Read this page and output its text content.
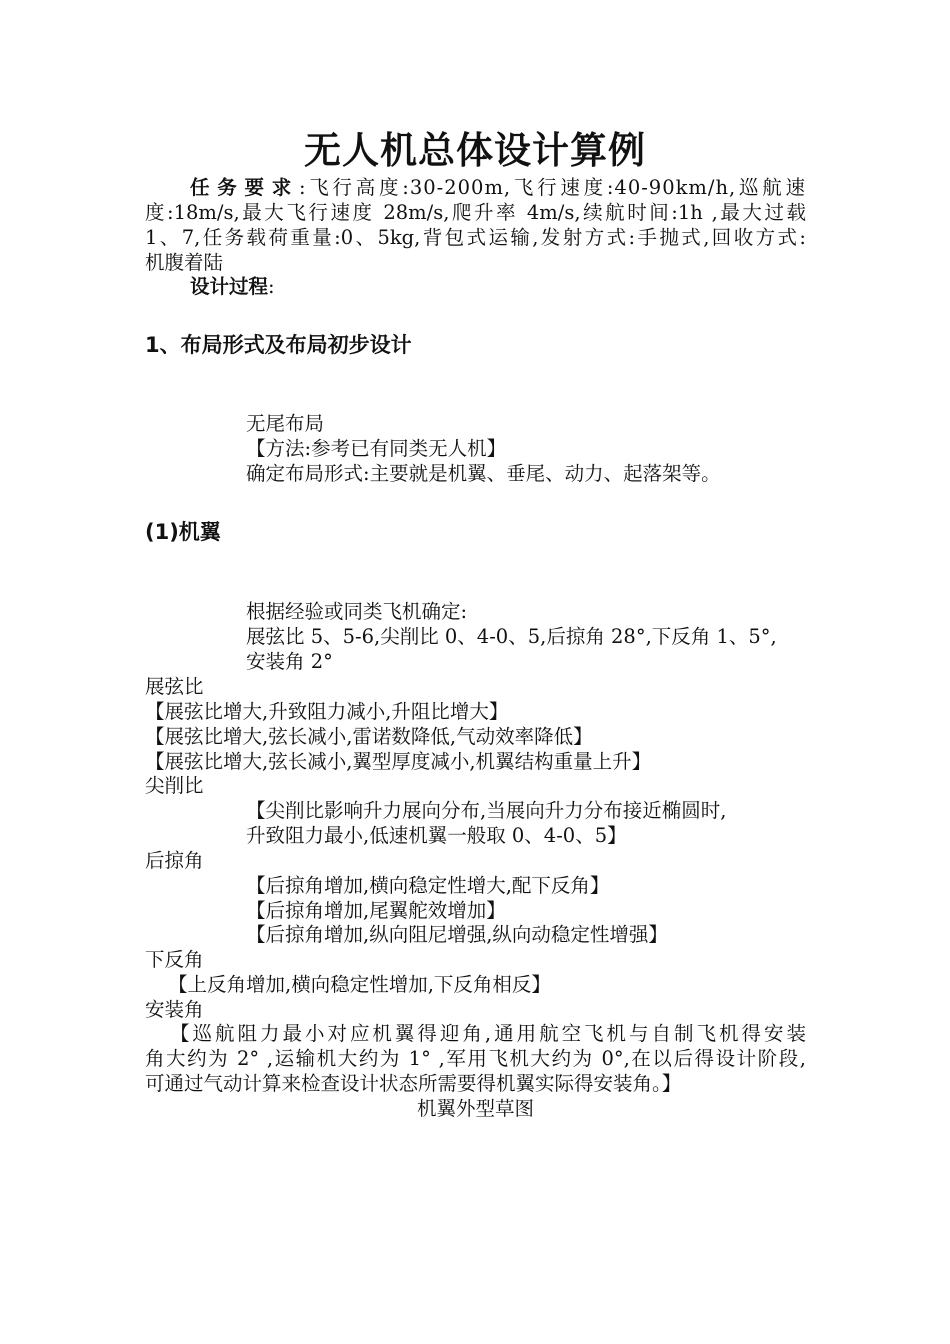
无人机总体设计算例
任务要求:飞行高度:30-200m,飞行速度:40-90km/h,巡航速
度:18m/s,最大飞行速度 28m/s,爬升率 4m/s,续航时间:1h ,最大过载
1、7,任务载荷重量:0、5kg,背包式运输,发射方式:手抛式,回收方式:
机腹着陆
设计过程:
1、布局形式及布局初步设计
无尾布局
【方法:参考已有同类无人机】
确定布局形式:主要就是机翼、垂尾、动力、起落架等。
(1)机翼
根据经验或同类飞机确定:
展弦比 5、5-6,尖削比 0、4-0、5,后掠角 28°,下反角 1、5°,
安装角 2°
展弦比
【展弦比增大,升致阻力减小,升阻比增大】
【展弦比增大,弦长减小,雷诺数降低,气动效率降低】
【展弦比增大,弦长减小,翼型厚度减小,机翼结构重量上升】
尖削比
【尖削比影响升力展向分布,当展向升力分布接近椭圆时,
升致阻力最小,低速机翼一般取 0、4-0、5】
后掠角
【后掠角增加,横向稳定性增大,配下反角】
【后掠角增加,尾翼舵效增加】
【后掠角增加,纵向阻尼增强,纵向动稳定性增强】
下反角
【上反角增加,横向稳定性增加,下反角相反】
安装角
【巡航阻力最小对应机翼得迎角,通用航空飞机与自制飞机得安装
角大约为 2° ,运输机大约为 1° ,军用飞机大约为 0°,在以后得设计阶段,
可通过气动计算来检查设计状态所需要得机翼实际得安装角。】
机翼外型草图
